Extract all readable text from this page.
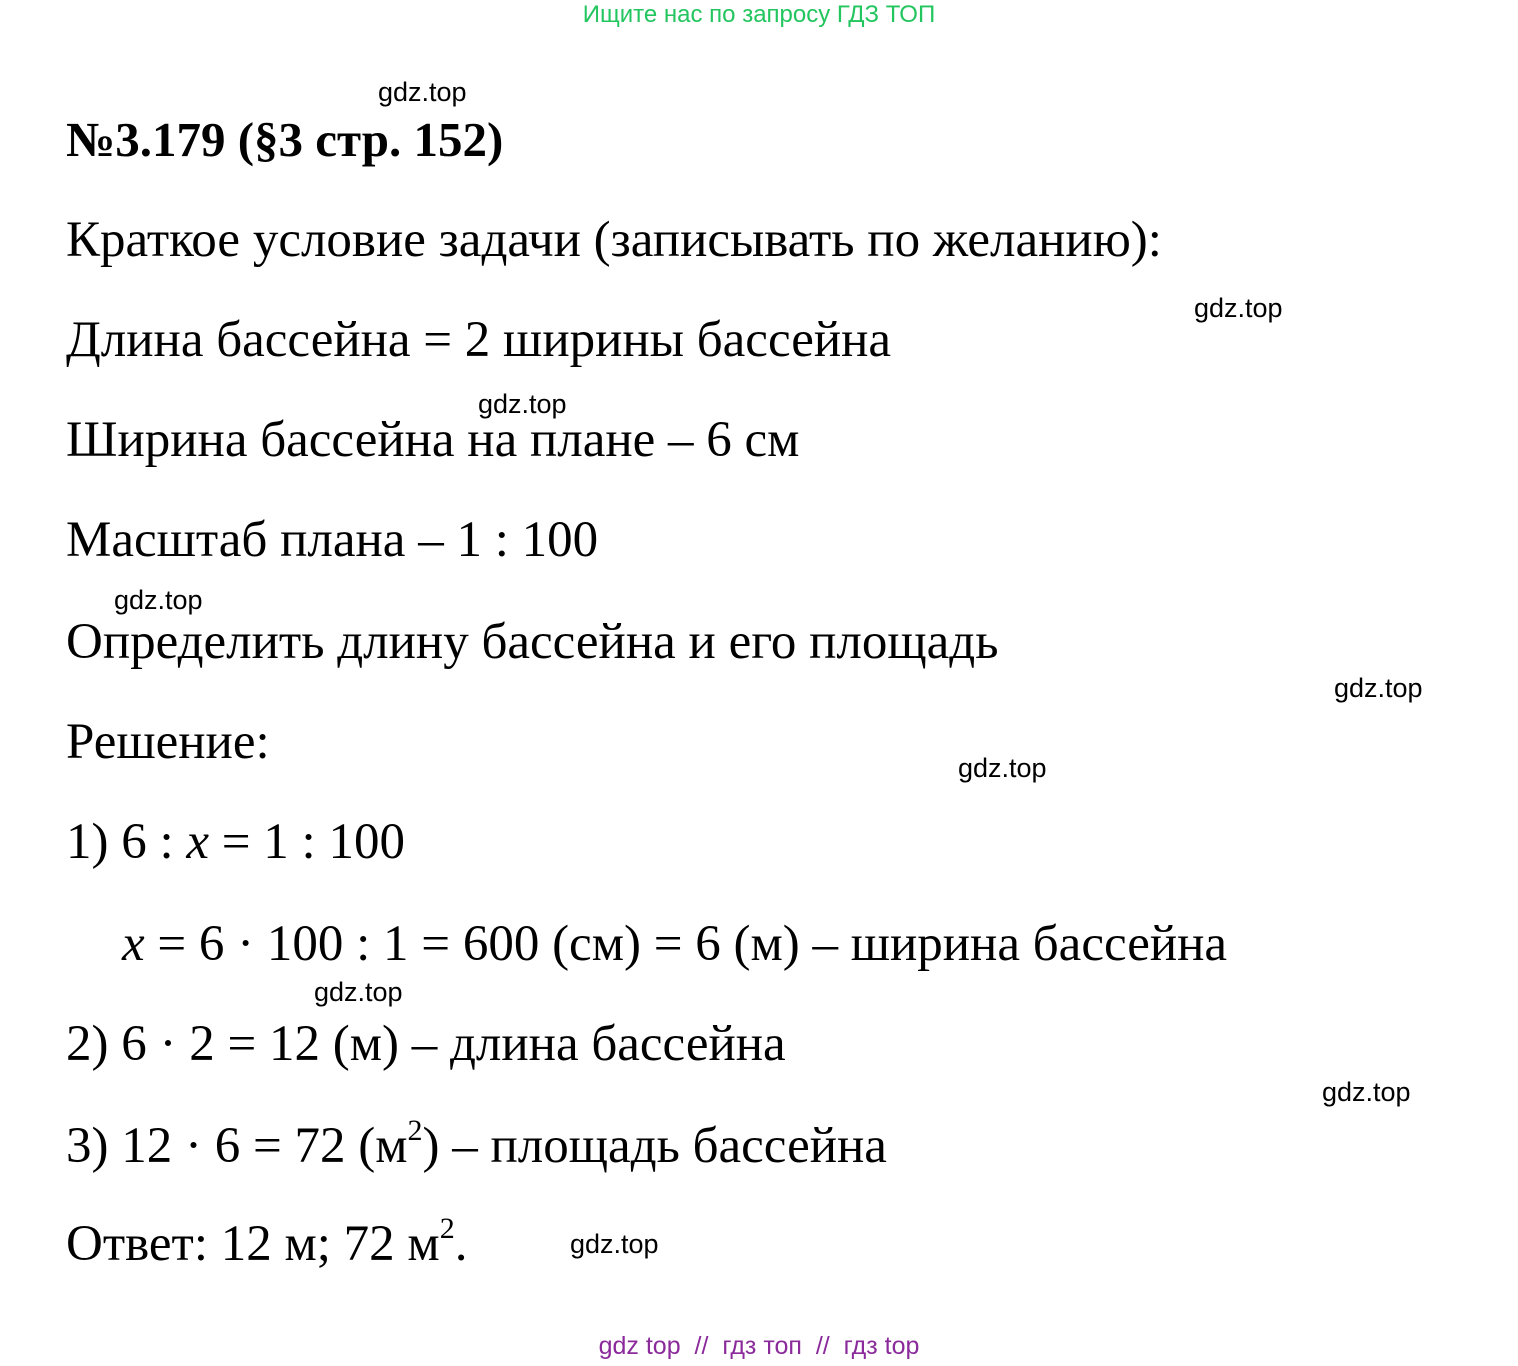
Ищите нас по запросу ГДЗ ТОП
gdz.top
№3.179 (§3 стр. 152)
Краткое условие задачи (записывать по желанию):
gdz.top
Длина бассейна = 2 ширины бассейна
gdz.top
Ширина бассейна на плане – 6 см
Масштаб плана – 1 : 100
gdz.top
Определить длину бассейна и его площадь
gdz.top
Решение:	gdz.top
1) 6 : x = 1 : 100
x = 6 · 100 : 1 = 600 (см) = 6 (м) – ширина бассейна
gdz.top
2) 6 · 2 = 12 (м) – длина бассейна
gdz.top
3) 12 · 6 = 72 $(м^2)$ – площадь бассейна
Ответ: 12 м; 72 $м^2$.	gdz.top
gdz top // гдз топ // гдз top
